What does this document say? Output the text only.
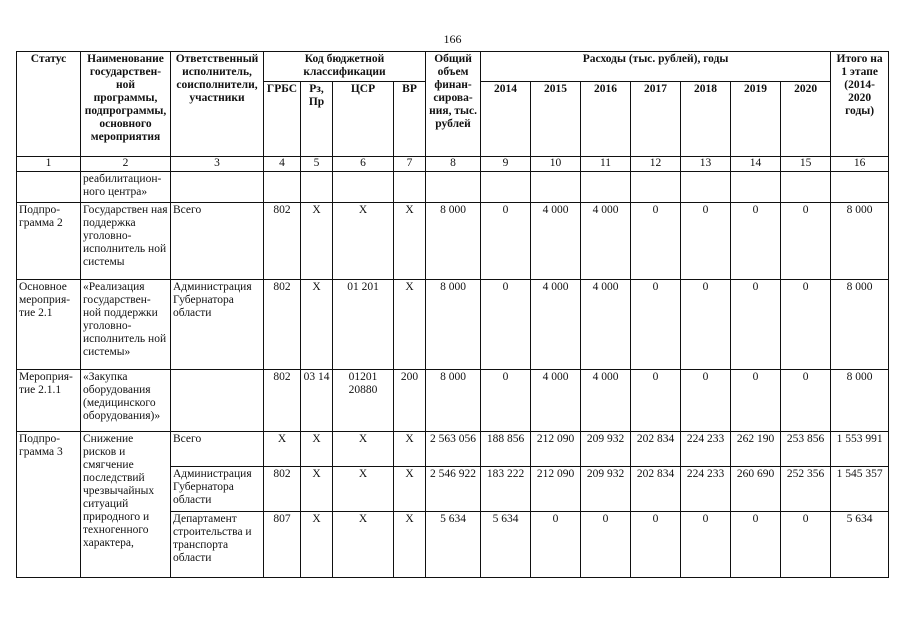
166
Статус	Наименование государствен-ной программы, подпрограммы, основного мероприятия	Ответственный исполнитель, соисполнители, участники	Код бюджетной классификации				Общий объем финан-сирова-ния, тыс. рублей	Расходы (тыс. рублей), годы							Итого на 1 этапе (2014-2020 годы)
			ГРБС	Рз, Пр	ЦСР	ВР		2014	2015	2016	2017	2018	2019	2020	
1	2	3	4	5	6	7	8	9	10	11	12	13	14	15	16
	реабилитацион-ного центра»														
Подпро-грамма 2	Государствен ная поддержка уголовно-исполнитель ной системы	Всего	802	Х	Х	Х	8 000	0	4 000	4 000	0	0	0	0	8 000
Основное мероприя-тие 2.1	«Реализация государствен-ной поддержки уголовно-исполнитель ной системы»	Администрация Губернатора области	802	Х	01 201	Х	8 000	0	4 000	4 000	0	0	0	0	8 000
Мероприя-тие 2.1.1	«Закупка оборудования (медицинского оборудования)»		802	03 14	01201 20880	200	8 000	0	4 000	4 000	0	0	0	0	8 000
Подпро-грамма 3	Снижение рисков и смягчение последствий чрезвычайных ситуаций природного и техногенного характера,	Всего	Х	Х	Х	Х	2 563 056	188 856	212 090	209 932	202 834	224 233	262 190	253 856	1 553 991
		Администрация Губернатора области	802	Х	Х	Х	2 546 922	183 222	212 090	209 932	202 834	224 233	260 690	252 356	1 545 357
		Департамент строительства и транспорта области	807	Х	Х	Х	5 634	5 634	0	0	0	0	0	0	5 634
